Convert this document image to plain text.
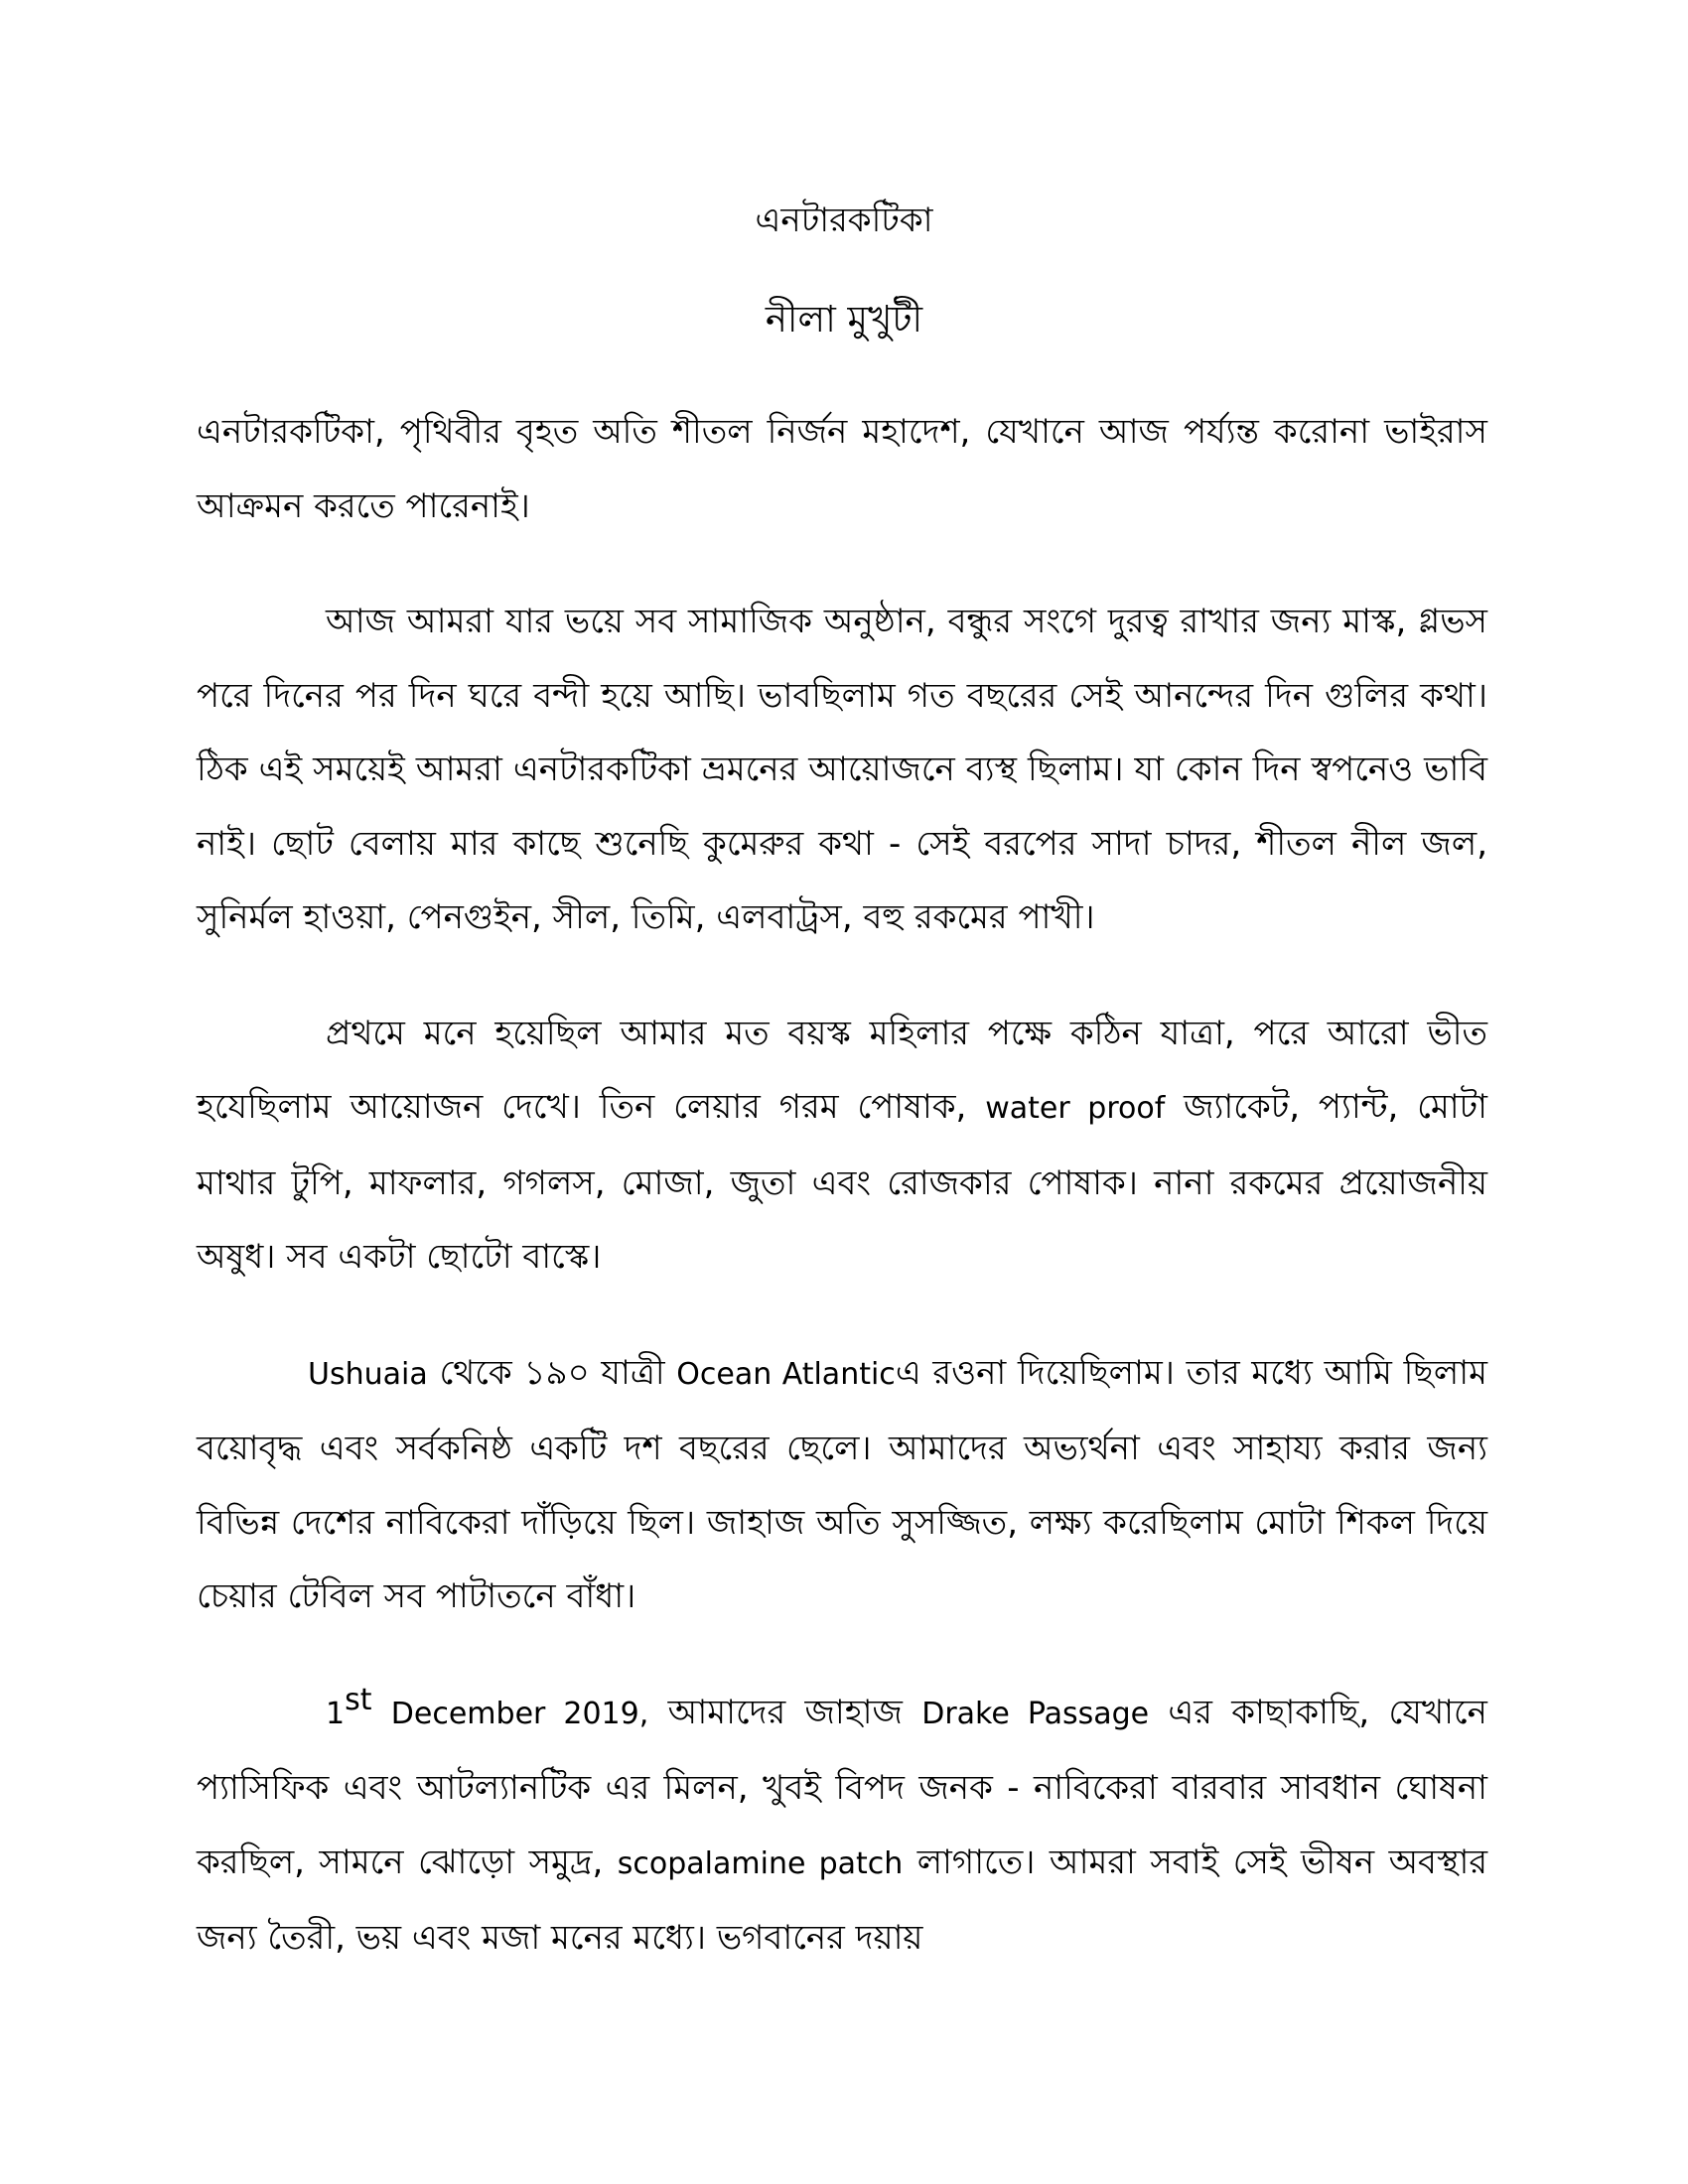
এনটারকটিকা
নীলা মুখুটী

এনটারকটিকা, পৃথিবীর বৃহত অতি শীতল নির্জন মহাদেশ, যেখানে আজ পর্য্যন্ত করোনা ভাইরাস আক্রমন করতে পারেনাই।

আজ আমরা যার ভয়ে সব সামাজিক অনুষ্ঠান, বন্ধুর সংগে দুরত্ব রাখার জন্য মাস্ক, গ্লভস পরে দিনের পর দিন ঘরে বন্দী হয়ে আছি। ভাবছিলাম গত বছরের সেই আনন্দের দিন গুলির কথা। ঠিক এই সময়েই আমরা এনটারকটিকা ভ্রমনের আয়োজনে ব্যস্থ ছিলাম। যা কোন দিন স্বপনেও ভাবি নাই। ছোট বেলায় মার কাছে শুনেছি কুমেরুর কথা - সেই বরপের সাদা চাদর, শীতল নীল জল, সুনির্মল হাওয়া, পেনগুইন, সীল, তিমি, এলবাট্রস, বহু রকমের পাখী।

প্রথমে মনে হয়েছিল আমার মত বয়স্ক মহিলার পক্ষে কঠিন যাত্রা, পরে আরো ভীত হযেছিলাম আয়োজন দেখে। তিন লেয়ার গরম পোষাক, water proof জ্যাকেট, প্যান্ট, মোটা মাথার টুপি, মাফলার, গগলস, মোজা, জুতা এবং রোজকার পোষাক। নানা রকমের প্রয়োজনীয় অষুধ। সব একটা ছোটো বাস্কে।

Ushuaia থেকে ১৯০ যাত্রী Ocean Atlanticএ রওনা দিয়েছিলাম। তার মধ্যে আমি ছিলাম বয়োবৃদ্ধ এবং সর্বকনিষ্ঠ একটি দশ বছরের ছেলে। আমাদের অভ্যর্থনা এবং সাহায্য করার জন্য বিভিন্ন দেশের নাবিকেরা দাঁড়িয়ে ছিল। জাহাজ অতি সুসজ্জিত, লক্ষ্য করেছিলাম মোটা শিকল দিয়ে চেয়ার টেবিল সব পাটাতনে বাঁধা।

1st December 2019, আমাদের জাহাজ Drake Passage এর কাছাকাছি, যেখানে প্যাসিফিক এবং আটল্যানটিক এর মিলন, খুবই বিপদ জনক - নাবিকেরা বারবার সাবধান ঘোষনা করছিল, সামনে ঝোড়ো সমুদ্র, scopalamine patch লাগাতে। আমরা সবাই সেই ভীষন অবস্থার জন্য তৈরী, ভয় এবং মজা মনের মধ্যে। ভগবানের দয়ায়
